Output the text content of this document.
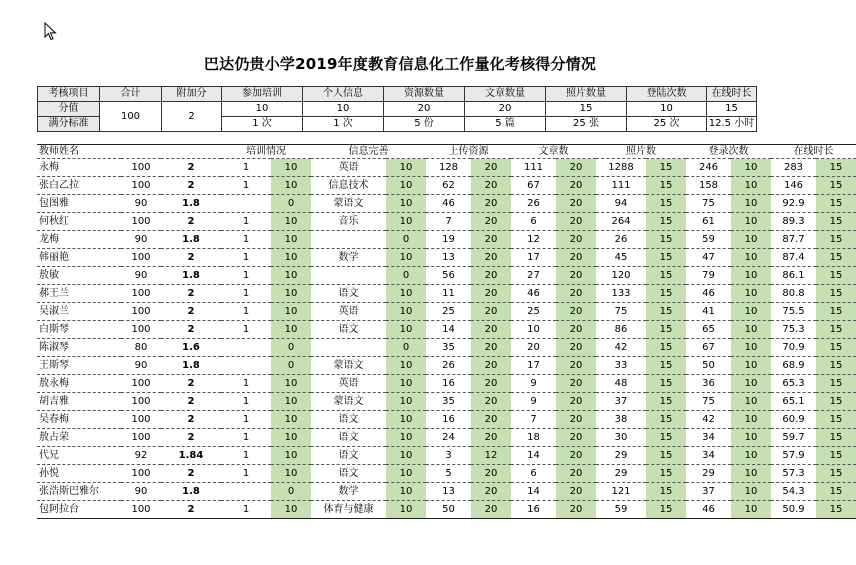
巴达仍贵小学2019年度教育信息化工作量化考核得分情况
考核项目	合计	附加分	参加培训	个人信息	资源数量	文章数量	照片数量	登陆次数	在线时长
分值	100	2	10	10	20	20	15	10	15
满分标准			1 次	1 次	5 份	5 篇	25 张	25 次	12.5 小时
教师姓名			培训情况		信息完善		上传资源		文章数		照片数		登录次数		在线时长	
永梅	100	2	1	10	英语	10	128	20	111	20	1288	15	246	10	283	15
张白乙拉	100	2	1	10	信息技术	10	62	20	67	20	111	15	158	10	146	15
包图雅	90	1.8		0	蒙语文	10	46	20	26	20	94	15	75	10	92.9	15
何秋红	100	2	1	10	音乐	10	7	20	6	20	264	15	61	10	89.3	15
龙梅	90	1.8	1	10		0	19	20	12	20	26	15	59	10	87.7	15
韩丽艳	100	2	1	10	数学	10	13	20	17	20	45	15	47	10	87.4	15
敖敏	90	1.8	1	10		0	56	20	27	20	120	15	79	10	86.1	15
郝王兰	100	2	1	10	语文	10	11	20	46	20	133	15	46	10	80.8	15
吴淑兰	100	2	1	10	英语	10	25	20	25	20	75	15	41	10	75.5	15
白斯琴	100	2	1	10	语文	10	14	20	10	20	86	15	65	10	75.3	15
陈淑琴	80	1.6		0		0	35	20	20	20	42	15	67	10	70.9	15
王斯琴	90	1.8		0	蒙语文	10	26	20	17	20	33	15	50	10	68.9	15
敖永梅	100	2	1	10	英语	10	16	20	9	20	48	15	36	10	65.3	15
胡吉雅	100	2	1	10	蒙语文	10	35	20	9	20	37	15	75	10	65.1	15
吴春梅	100	2	1	10	语文	10	16	20	7	20	38	15	42	10	60.9	15
敖占荣	100	2	1	10	语文	10	24	20	18	20	30	15	34	10	59.7	15
代兄	92	1.84	1	10	语文	10	3	12	14	20	29	15	34	10	57.9	15
孙悦	100	2	1	10	语文	10	5	20	6	20	29	15	29	10	57.3	15
张浩斯巴雅尔	90	1.8		0	数学	10	13	20	14	20	121	15	37	10	54.3	15
包阿拉台	100	2	1	10	体育与健康	10	50	20	16	20	59	15	46	10	50.9	15
